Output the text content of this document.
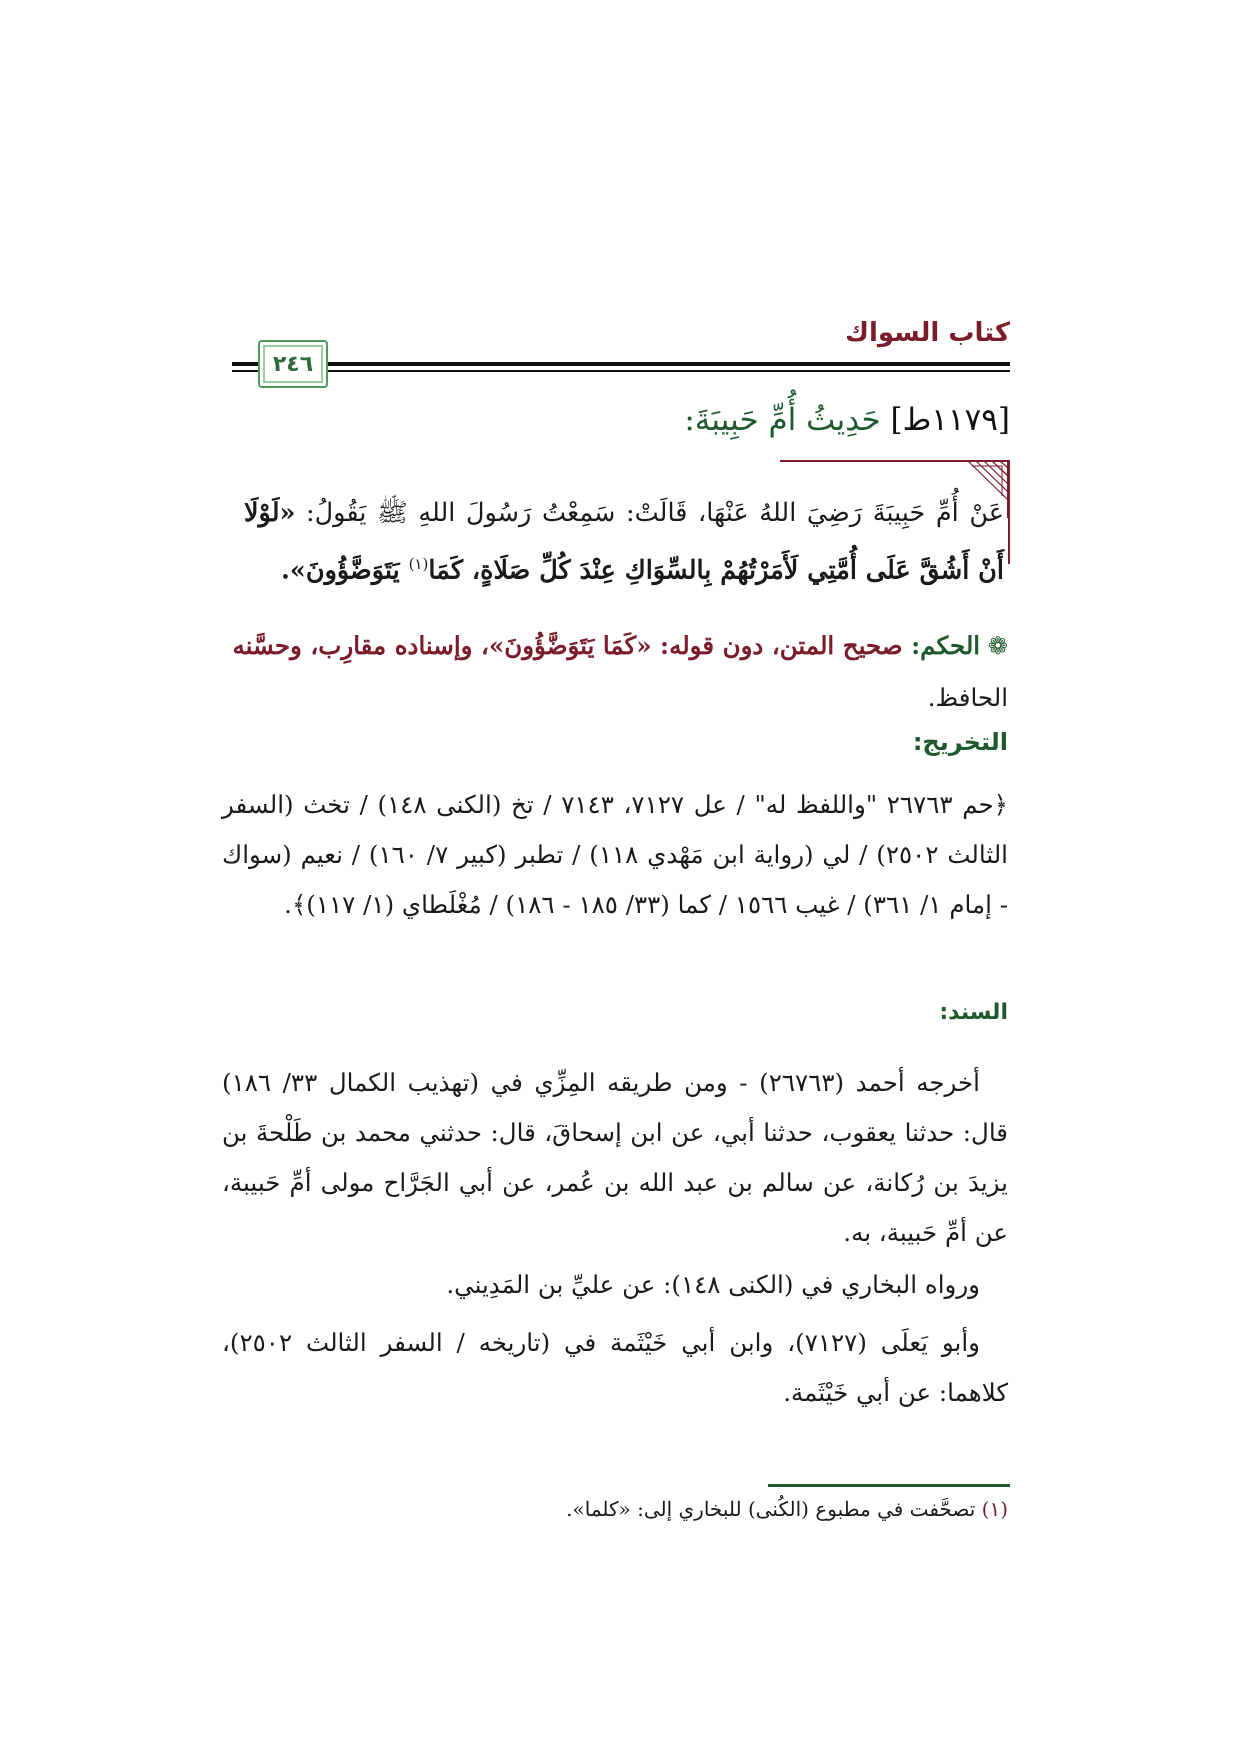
كتاب السواك
٢٤٦
[١١٧٩ط] حَدِيثُ أُمِّ حَبِيبَةَ:
عَنْ أُمِّ حَبِيبَةَ رَضِيَ اللهُ عَنْهَا، قَالَتْ: سَمِعْتُ رَسُولَ اللهِ ﷺ يَقُولُ: «لَوْلَا أَنْ أَشُقَّ عَلَى أُمَّتِي لَأَمَرْتُهُمْ بِالسِّوَاكِ عِنْدَ كُلِّ صَلَاةٍ، كَمَا$^{(١)}$ يَتَوَضَّؤُونَ».
❁ الحكم: صحيح المتن، دون قوله: «كَمَا يَتَوَضَّؤُونَ»، وإسناده مقارِب، وحسَّنه
الحافظ.
التخريج:
﴿حم ٢٦٧٦٣ "واللفظ له" / عل ٧١٢٧، ٧١٤٣ / تخ (الكنى ١٤٨) / تخث (السفر الثالث ٢٥٠٢) / لي (رواية ابن مَهْدي ١١٨) / تطبر (كبير ٧/ ١٦٠) / نعيم (سواك - إمام ١/ ٣٦١) / غيب ١٥٦٦ / كما (٣٣/ ١٨٥ - ١٨٦) / مُغْلَطاي (١/ ١١٧)﴾.
السند:
أخرجه أحمد (٢٦٧٦٣) - ومن طريقه المِزِّي في (تهذيب الكمال ٣٣/ ١٨٦) قال: حدثنا يعقوب، حدثنا أبي، عن ابن إسحاقَ، قال: حدثني محمد بن طَلْحةَ بن يزيدَ بن رُكانة، عن سالم بن عبد الله بن عُمر، عن أبي الجَرَّاح مولى أمِّ حَبيبة، عن أمِّ حَبيبة، به.
ورواه البخاري في (الكنى ١٤٨): عن عليِّ بن المَدِيني.
وأبو يَعلَى (٧١٢٧)، وابن أبي خَيْثَمة في (تاريخه / السفر الثالث ٢٥٠٢)، كلاهما: عن أبي خَيْثَمة.
(١) تصحَّفت في مطبوع (الكُنى) للبخاري إلى: «كلما».
